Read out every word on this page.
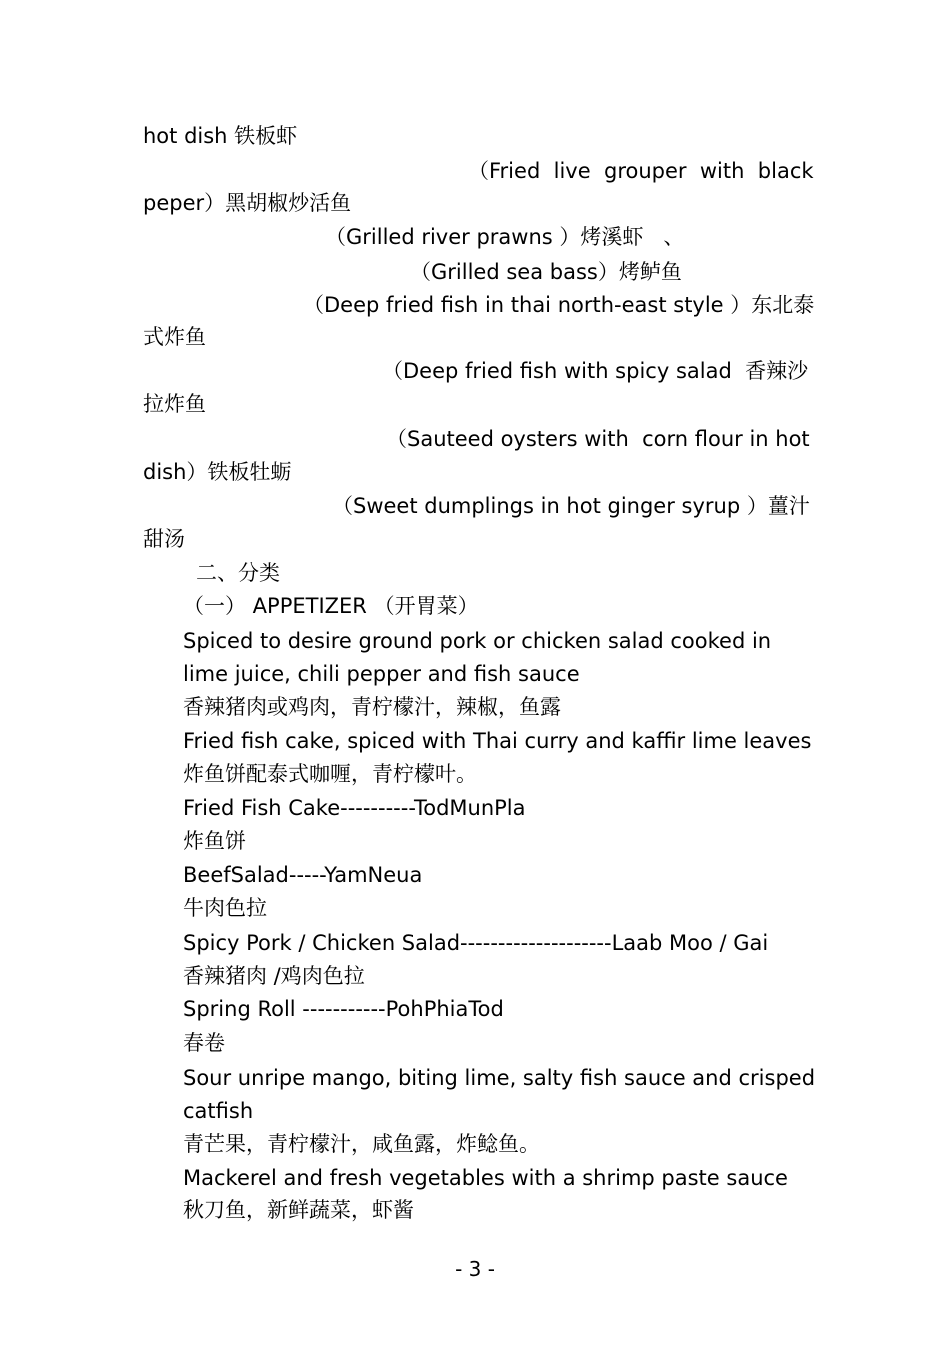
hot dish 铁板虾
（Fried  live  grouper  with  black
peper）黑胡椒炒活鱼
（Grilled river prawns ）烤溪虾   、
（Grilled sea bass）烤鲈鱼
（Deep fried fish in thai north-east style ）东北泰
式炸鱼
（Deep fried fish with spicy salad  香辣沙
拉炸鱼
（Sauteed oysters with  corn flour in hot
dish）铁板牡蛎
（Sweet dumplings in hot ginger syrup ）薑汁
甜汤
二、分类
（一） APPETIZER （开胃菜）
Spiced to desire ground pork or chicken salad cooked in
lime juice, chili pepper and fish sauce
香辣猪肉或鸡肉，青柠檬汁，辣椒，鱼露
Fried fish cake, spiced with Thai curry and kaffir lime leaves
炸鱼饼配泰式咖喱，青柠檬叶。
Fried Fish Cake----------TodMunPla
炸鱼饼
BeefSalad-----YamNeua
牛肉色拉
Spicy Pork / Chicken Salad--------------------Laab Moo / Gai
香辣猪肉 /鸡肉色拉
Spring Roll -----------PohPhiaTod
春卷
Sour unripe mango, biting lime, salty fish sauce and crisped
catfish
青芒果，青柠檬汁，咸鱼露，炸鲶鱼。
Mackerel and fresh vegetables with a shrimp paste sauce
秋刀鱼，新鲜蔬菜，虾酱
- 3 -
